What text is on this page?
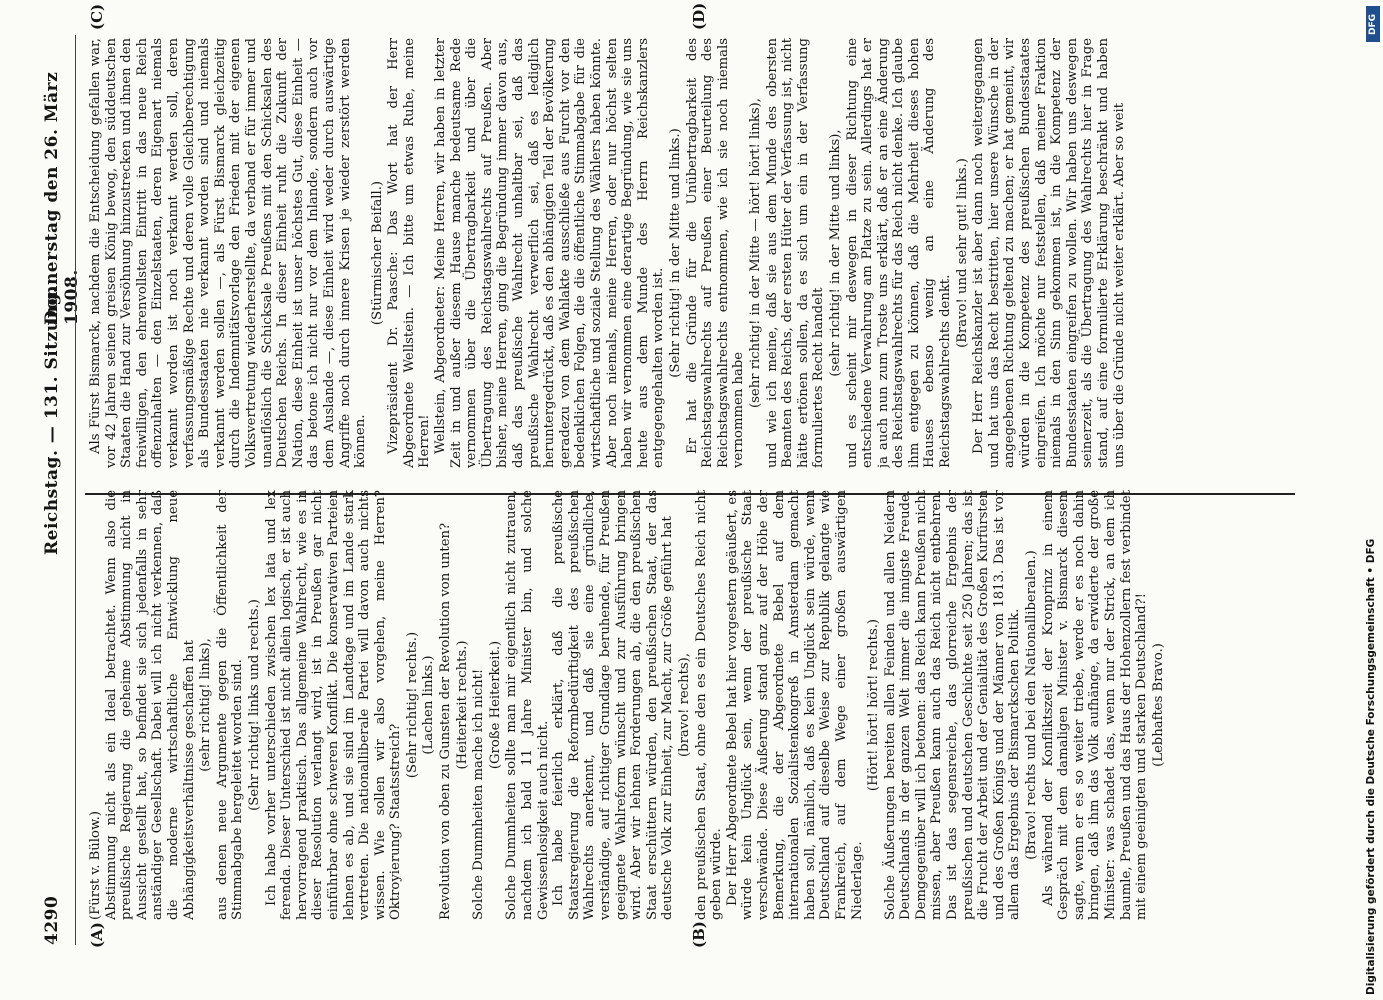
4290
Reichstag. — 131. Sitzung.
Donnerstag den 26. März 1908.
(A)	(B)
(C)	(D)

(Fürst v. Bülow.) Abstimmung nicht als ein Ideal betrachtet. Wenn also die preußische Regierung die geheime Abstimmung nicht in Aussicht gestellt hat, so befindet sie sich jedenfalls in sehr anständiger Gesellschaft. Dabei will ich nicht verkennen, daß die moderne wirtschaftliche Entwicklung neue Abhängigkeitsverhältnisse geschaffen hat (sehr richtig! links), aus denen neue Argumente gegen die Öffentlichkeit der Stimmabgabe hergeleitet worden sind. (Sehr richtig! links und rechts.) Ich habe vorher unterschieden zwischen lex lata und lex ferenda. Dieser Unterschied ist nicht allein logisch, er ist auch hervorragend praktisch. Das allgemeine Wahlrecht, wie es in dieser Resolution verlangt wird, ist in Preußen gar nicht einführbar ohne schweren Konflikt. Die konservativen Parteien lehnen es ab, und sie sind im Landtage und im Lande stark vertreten. Die nationalliberale Partei will davon auch nichts wissen. Wie sollen wir also vorgehen, meine Herren? Oktroyierung? Staatsstreich?

(Sehr richtig! rechts.) (Lachen links.) Revolution von oben zu Gunsten der Revolution von unten? (Heiterkeit rechts.) Solche Dummheiten mache ich nicht! (Große Heiterkeit.) Solche Dummheiten sollte man mir eigentlich nicht zutrauen, nachdem ich bald 11 Jahre Minister bin, und solche Gewissenlosigkeit auch nicht. Ich habe feierlich erklärt, daß die preußische Staatsregierung die Reformbedürftigkeit des preußischen Wahlrechts anerkennt, und daß sie eine gründliche, verständige, auf richtiger Grundlage beruhende, für Preußen geeignete Wahlreform wünscht und zur Ausführung bringen wird. Aber wir lehnen Forderungen ab, die den preußischen Staat erschüttern würden, den preußischen Staat, der das deutsche Volk zur Einheit, zur Macht, zur Größe geführt hat (bravo! rechts), den preußischen Staat, ohne den es ein Deutsches Reich nicht geben würde. Der Herr Abgeordnete Bebel hat hier vorgestern geäußert, es würde kein Unglück sein, wenn der preußische Staat verschwände. Diese Äußerung stand ganz auf der Höhe der Bemerkung, die der Abgeordnete Bebel auf dem internationalen Sozialistenkongreß in Amsterdam gemacht haben soll, nämlich, daß es kein Unglück sein würde, wenn Deutschland auf dieselbe Weise zur Republik gelangte wie Frankreich, auf dem Wege einer großen auswärtigen Niederlage.

(Hört! hört! hört! rechts.) Solche Äußerungen bereiten allen Feinden und allen Neidern Deutschlands in der ganzen Welt immer die innigste Freude. Demgegenüber will ich betonen: das Reich kann Preußen nicht missen, aber Preußen kann auch das Reich nicht entbehren. Das ist das segensreiche, das glorreiche Ergebnis der preußischen und deutschen Geschichte seit 250 Jahren; das ist die Frucht der Arbeit und der Genialität des Großen Kurfürsten und des Großen Königs und der Männer von 1813. Das ist vor allem das Ergebnis der Bismarckschen Politik. (Bravo! rechts und bei den Nationalliberalen.) Als während der Konfliktszeit der Kronprinz in einem Gespräch mit dem damaligen Minister v. Bismarck diesem sagte, wenn er es so weiter triebe, werde er es noch dahin bringen, daß ihm das Volk aufhänge, da erwiderte der große Minister: was schadet das, wenn nur der Strick, an dem ich baumle, Preußen und das Haus der Hohenzollern fest verbindet mit einem geeinigten und starken Deutschland?! (Lebhaftes Bravo.)

Als Fürst Bismarck, nachdem die Entscheidung gefallen war, vor 42 Jahren seinen greisen König bewog, den süddeutschen Staaten die Hand zur Versöhnung hinzustrecken und ihnen den freiwilligen, den ehrenvollsten Eintritt in das neue Reich offenzuhalten — den Einzelstaaten, deren Eigenart niemals verkannt worden ist noch verkannt werden soll, deren verfassungsmäßige Rechte und deren volle Gleichberechtigung als Bundesstaaten nie verkannt worden sind und niemals verkannt werden sollen —, als Fürst Bismarck gleichzeitig durch die Indemnitätsvorlage den Frieden mit der eigenen Volksvertretung wiederherstellte, da verband er für immer und unauflöslich die Schicksale Preußens mit den Schicksalen des Deutschen Reichs. In dieser Einheit ruht die Zukunft der Nation, diese Einheit ist unser höchstes Gut, diese Einheit — das betone ich nicht nur vor dem Inlande, sondern auch vor dem Auslande —, diese Einheit wird weder durch auswärtige Angriffe noch durch innere Krisen je wieder zerstört werden können.

(Stürmischer Beifall.) Vizepräsident Dr. Paasche: Das Wort hat der Herr Abgeordnete Wellstein. — Ich bitte um etwas Ruhe, meine Herren! Wellstein, Abgeordneter: Meine Herren, wir haben in letzter Zeit in und außer diesem Hause manche bedeutsame Rede vernommen über die Übertragbarkeit und über die Übertragung des Reichstagswahlrechts auf Preußen. Aber bisher, meine Herren, ging die Begründung immer davon aus, daß das preußische Wahlrecht unhaltbar sei, daß das preußische Wahlrecht verwerflich sei, daß es lediglich heruntergedrückt, daß es den abhängigen Teil der Bevölkerung geradezu von dem Wahlakte ausschließe aus Furcht vor den bedenklichen Folgen, die die öffentliche Stimmabgabe für die wirtschaftliche und soziale Stellung des Wählers haben könnte. Aber noch niemals, meine Herren, oder nur höchst selten haben wir vernommen eine derartige Begründung, wie sie uns heute aus dem Munde des Herrn Reichskanzlers entgegengehalten worden ist. (Sehr richtig! in der Mitte und links.) Er hat die Gründe für die Unübertragbarkeit des Reichstagswahlrechts auf Preußen einer Beurteilung des Reichstagswahlrechts entnommen, wie ich sie noch niemals vernommen habe

(sehr richtig! in der Mitte — hört! hört! links), und wie ich meine, daß sie aus dem Munde des obersten Beamten des Reichs, der ersten Hüter der Verfassung ist, nicht hätte ertönen sollen, da es sich um ein in der Verfassung formuliertes Recht handelt

(sehr richtig! in der Mitte und links), und es scheint mir deswegen in dieser Richtung eine entschiedene Verwahrung am Platze zu sein. Allerdings hat er ja auch nun zum Troste uns erklärt, daß er an eine Änderung des Reichstagswahlrechts für das Reich nicht denke. Ich glaube ihm entgegen zu können, daß die Mehrheit dieses hohen Hauses ebenso wenig an eine Änderung des Reichstagswahlrechts denkt.

(Bravo! und sehr gut! links.) Der Herr Reichskanzler ist aber dann noch weitergegangen und hat uns das Recht bestritten, hier unsere Wünsche in der angegebenen Richtung geltend zu machen; er hat gemeint, wir würden in die Kompetenz des preußischen Bundesstaates eingreifen. Ich möchte nur feststellen, daß meiner Fraktion niemals in den Sinn gekommen ist, in die Kompetenz der Bundesstaaten eingreifen zu wollen. Wir haben uns deswegen seinerzeit, als die Übertragung des Wahlrechts hier in Frage stand, auf eine formulierte Erklärung beschränkt und haben uns über die Gründe nicht weiter erklärt. Aber so weit

Digitalisierung gefördert durch die Deutsche Forschungsgemeinschaft • DFG
DFG
